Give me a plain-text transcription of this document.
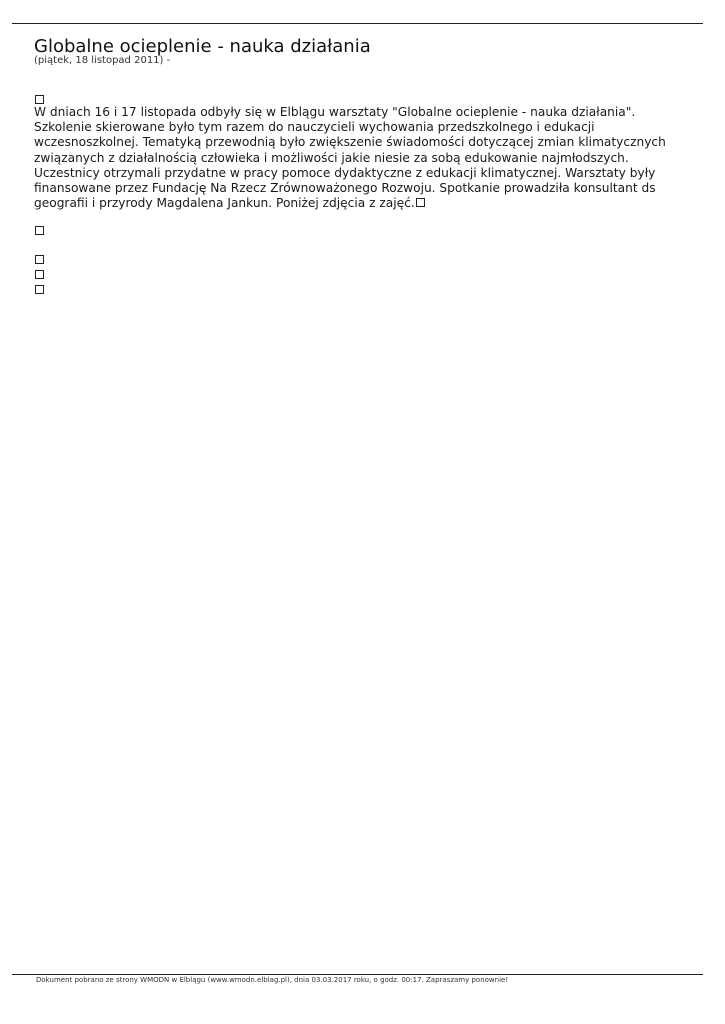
Globalne ocieplenie - nauka działania
(piątek, 18 listopad 2011) -

W dniach 16 i 17 listopada odbyły się w Elblągu warsztaty "Globalne ocieplenie - nauka działania". Szkolenie skierowane było tym razem do nauczycieli wychowania przedszkolnego i edukacji wczesnoszkolnej. Tematyką przewodnią było zwiększenie świadomości dotyczącej zmian klimatycznych związanych z działalnością człowieka i możliwości jakie niesie za sobą edukowanie najmłodszych. Uczestnicy otrzymali przydatne w pracy pomoce dydaktyczne z edukacji klimatycznej. Warsztaty były finansowane przez Fundację Na Rzecz Zrównoważonego Rozwoju. Spotkanie prowadziła konsultant ds geografii i przyrody Magdalena Jankun. Poniżej zdjęcia z zajęć.

Dokument pobrano ze strony WMODN w Elblągu (www.wmodn.elblag.pl), dnia 03.03.2017 roku, o godz. 00:17. Zapraszamy ponownie!
